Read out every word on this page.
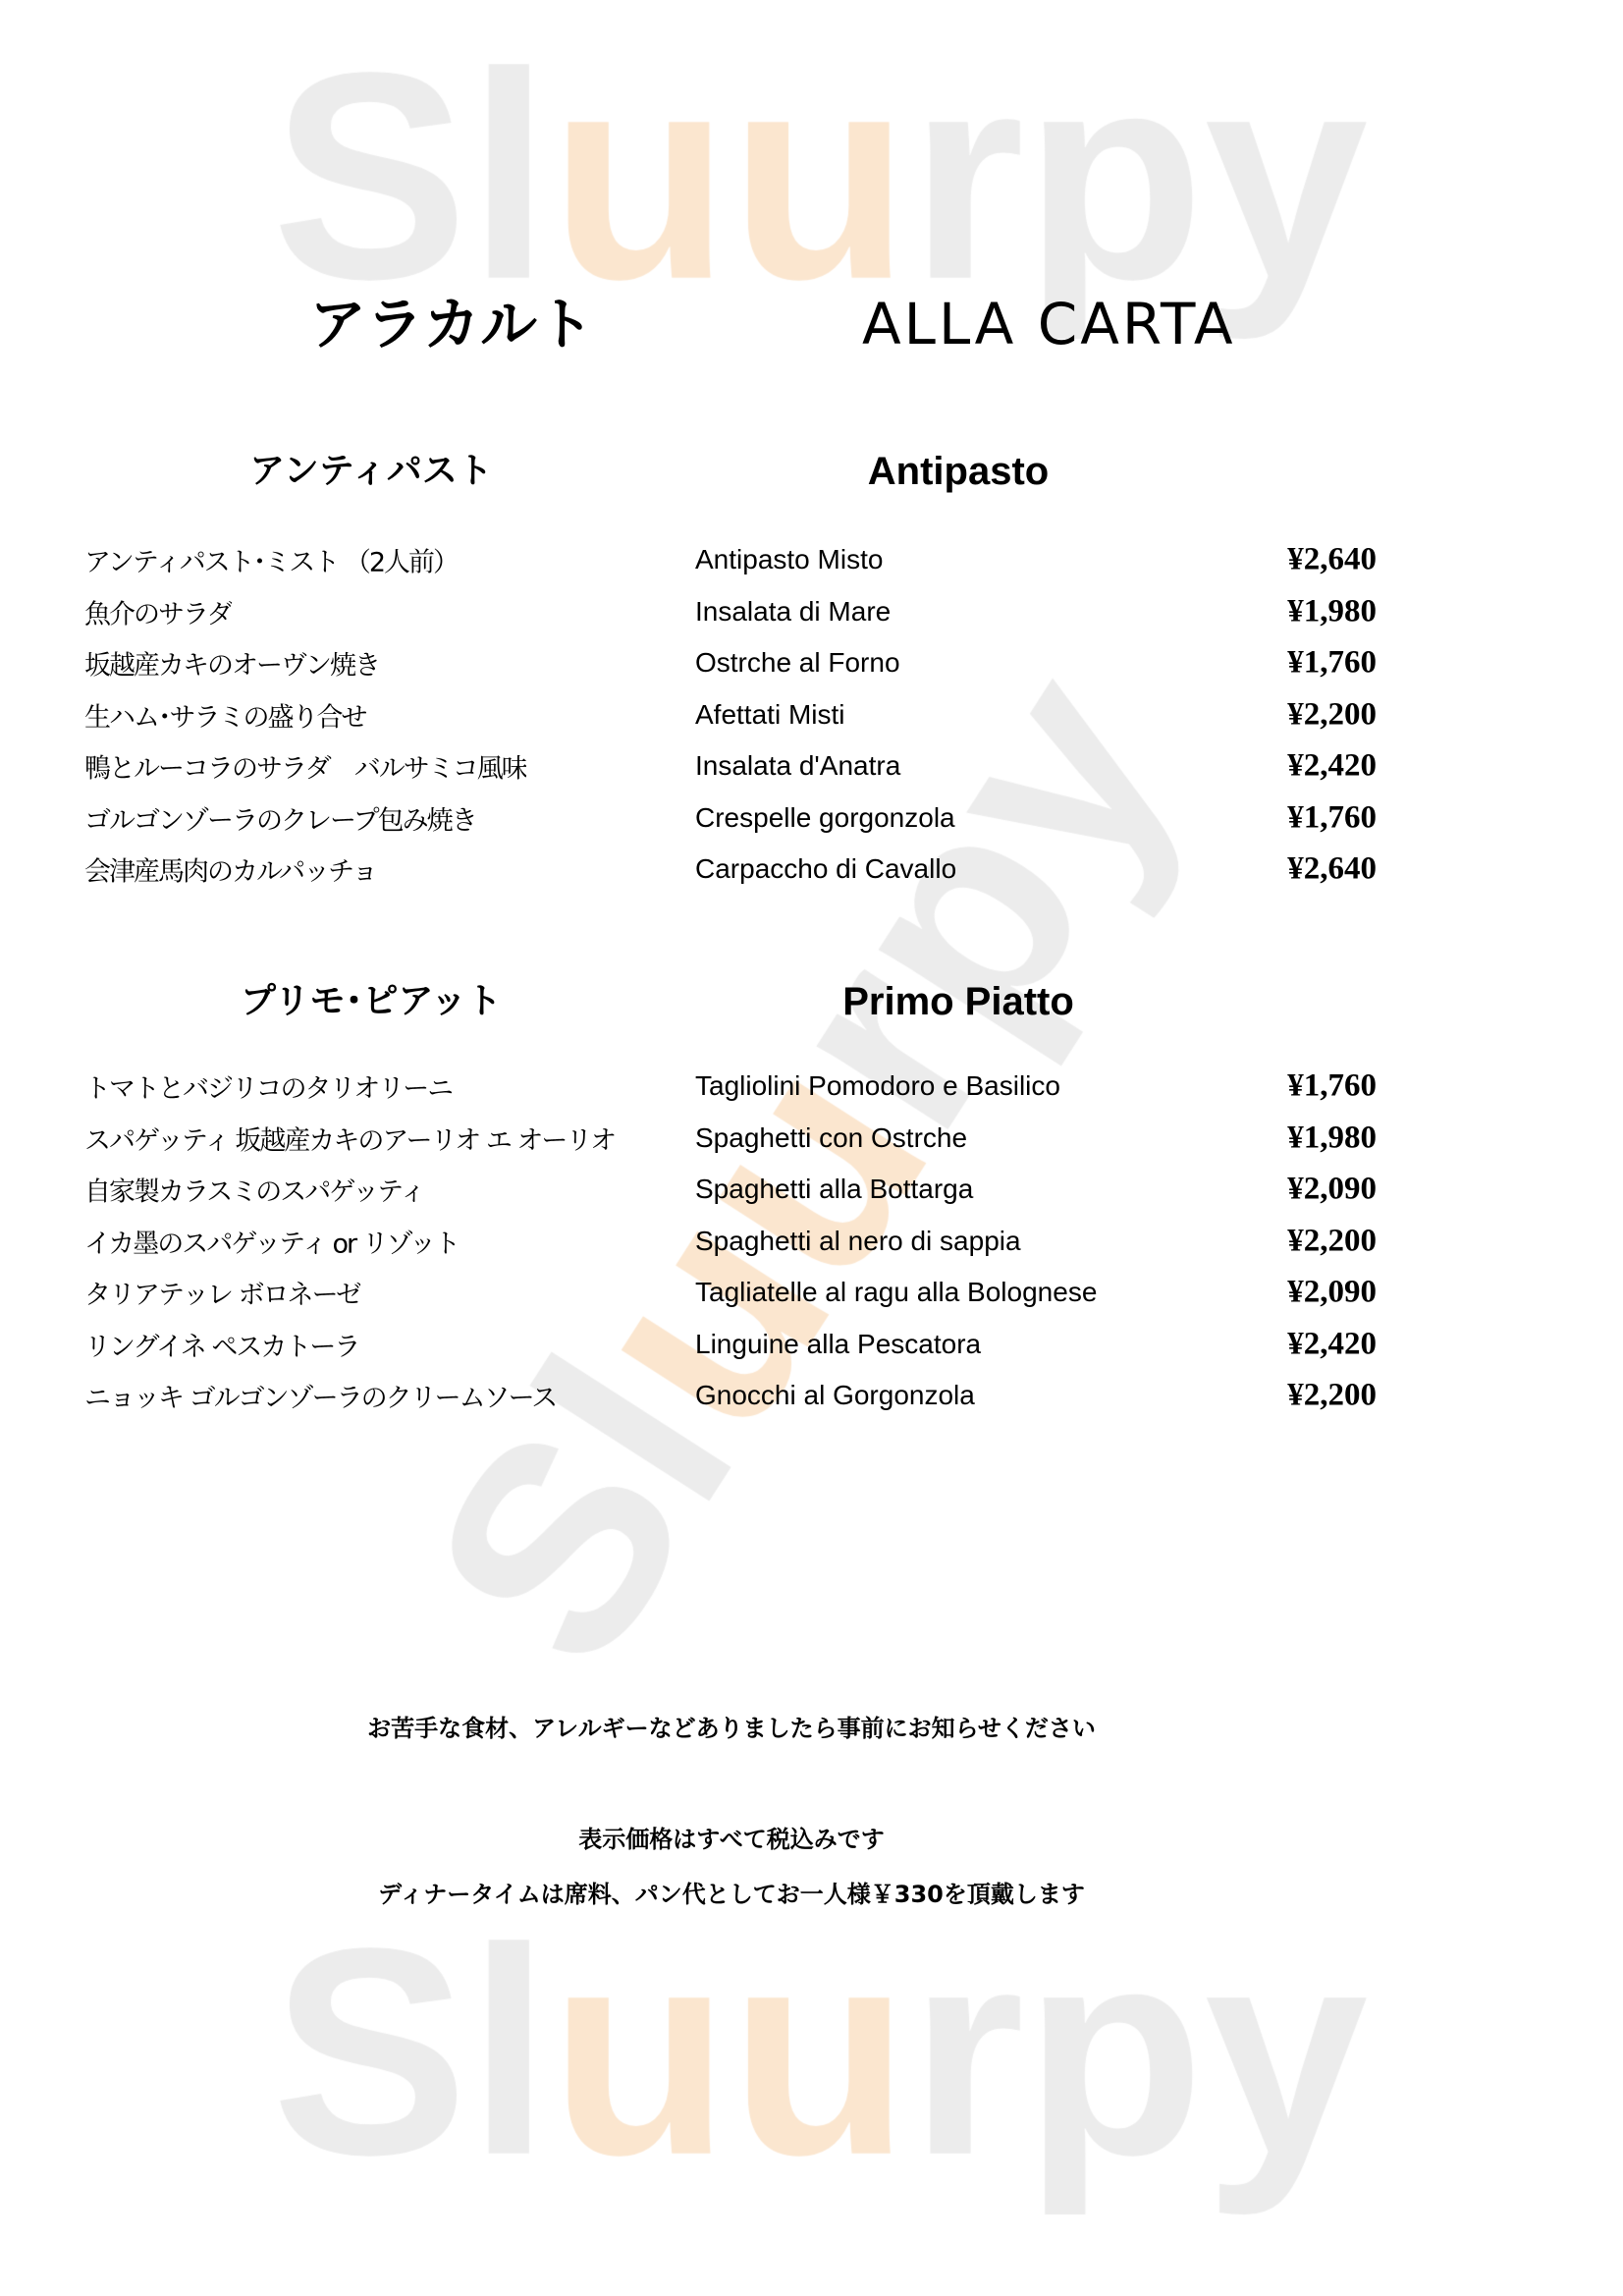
アラカルト	ALLA CARTA
アンティパスト	Antipasto
アンティパスト･ミスト （2人前）	Antipasto Misto	¥2,640
魚介のサラダ	Insalata di Mare	¥1,980
坂越産カキのオーヴン焼き	Ostrche al Forno	¥1,760
生ハム･サラミの盛り合せ	Afettati Misti	¥2,200
鴨とルーコラのサラダ　バルサミコ風味	Insalata d'Anatra	¥2,420
ゴルゴンゾーラのクレープ包み焼き	Crespelle gorgonzola	¥1,760
会津産馬肉のカルパッチョ	Carpaccho di Cavallo	¥2,640
プリモ･ピアット	Primo Piatto
トマトとバジリコのタリオリーニ	Tagliolini Pomodoro e Basilico	¥1,760
スパゲッティ 坂越産カキのアーリオ エ オーリオ	Spaghetti con Ostrche	¥1,980
自家製カラスミのスパゲッティ	Spaghetti alla Bottarga	¥2,090
イカ墨のスパゲッティ or リゾット	Spaghetti al nero di sappia	¥2,200
タリアテッレ ボロネーゼ	Tagliatelle al ragu alla Bolognese	¥2,090
リングイネ ペスカトーラ	Linguine alla Pescatora	¥2,420
ニョッキ ゴルゴンゾーラのクリームソース	Gnocchi al Gorgonzola	¥2,200
お苦手な食材、アレルギーなどありましたら事前にお知らせください
表示価格はすべて税込みです
ディナータイムは席料、パン代としてお一人様￥330を頂戴します
